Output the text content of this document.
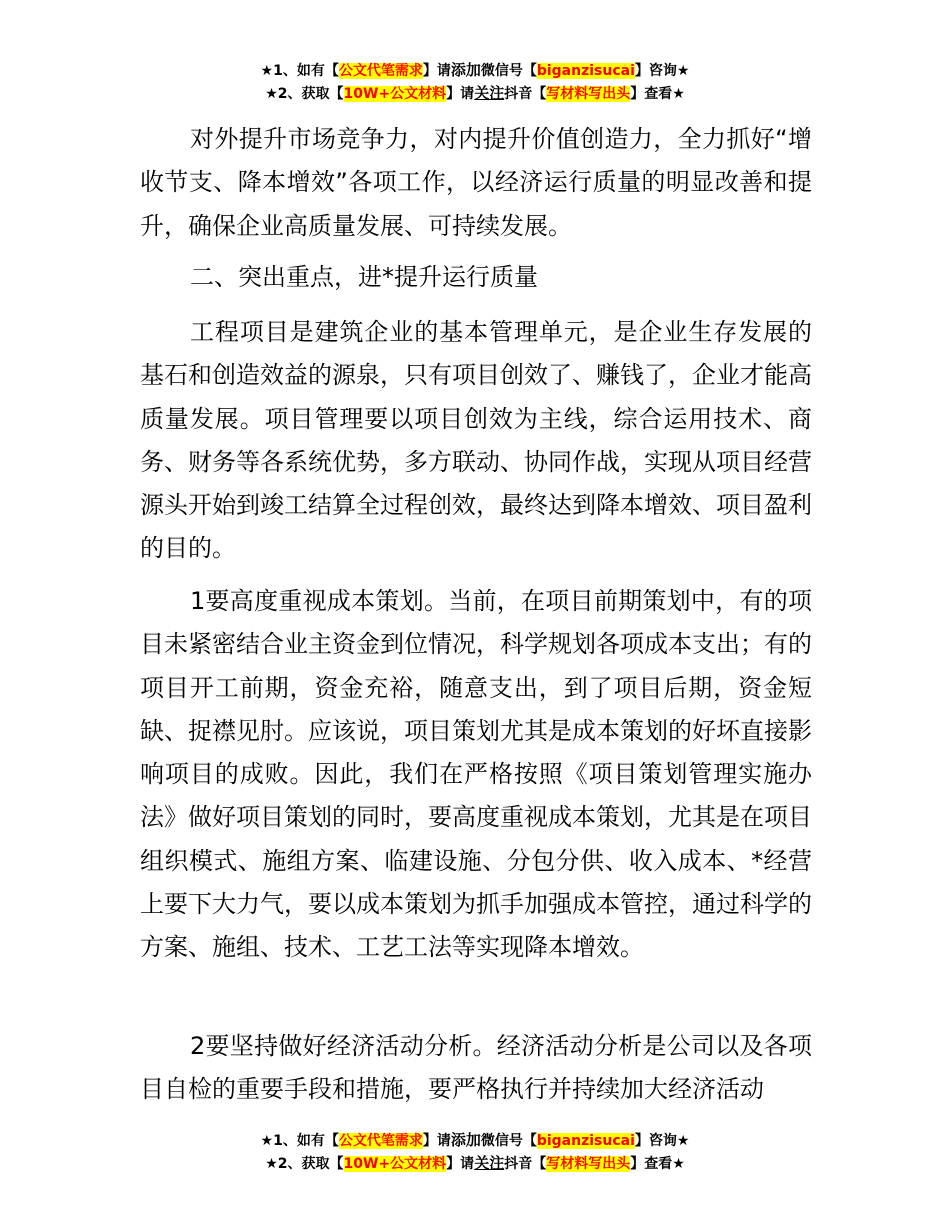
★1、如有【公文代笔需求】请添加微信号【biganzisucai】咨询★
★2、获取【10W+公文材料】请关注抖音【写材料写出头】查看★

对外提升市场竞争力，对内提升价值创造力，全力抓好“增收节支、降本增效”各项工作，以经济运行质量的明显改善和提升，确保企业高质量发展、可持续发展。

二、突出重点，进*提升运行质量

工程项目是建筑企业的基本管理单元，是企业生存发展的基石和创造效益的源泉，只有项目创效了、赚钱了，企业才能高质量发展。项目管理要以项目创效为主线，综合运用技术、商务、财务等各系统优势，多方联动、协同作战，实现从项目经营源头开始到竣工结算全过程创效，最终达到降本增效、项目盈利的目的。

1要高度重视成本策划。当前，在项目前期策划中，有的项目未紧密结合业主资金到位情况，科学规划各项成本支出；有的项目开工前期，资金充裕，随意支出，到了项目后期，资金短缺、捉襟见肘。应该说，项目策划尤其是成本策划的好坏直接影响项目的成败。因此，我们在严格按照《项目策划管理实施办法》做好项目策划的同时，要高度重视成本策划，尤其是在项目组织模式、施组方案、临建设施、分包分供、收入成本、*经营上要下大力气，要以成本策划为抓手加强成本管控，通过科学的方案、施组、技术、工艺工法等实现降本增效。

2要坚持做好经济活动分析。经济活动分析是公司以及各项目自检的重要手段和措施，要严格执行并持续加大经济活动

★1、如有【公文代笔需求】请添加微信号【biganzisucai】咨询★
★2、获取【10W+公文材料】请关注抖音【写材料写出头】查看★
